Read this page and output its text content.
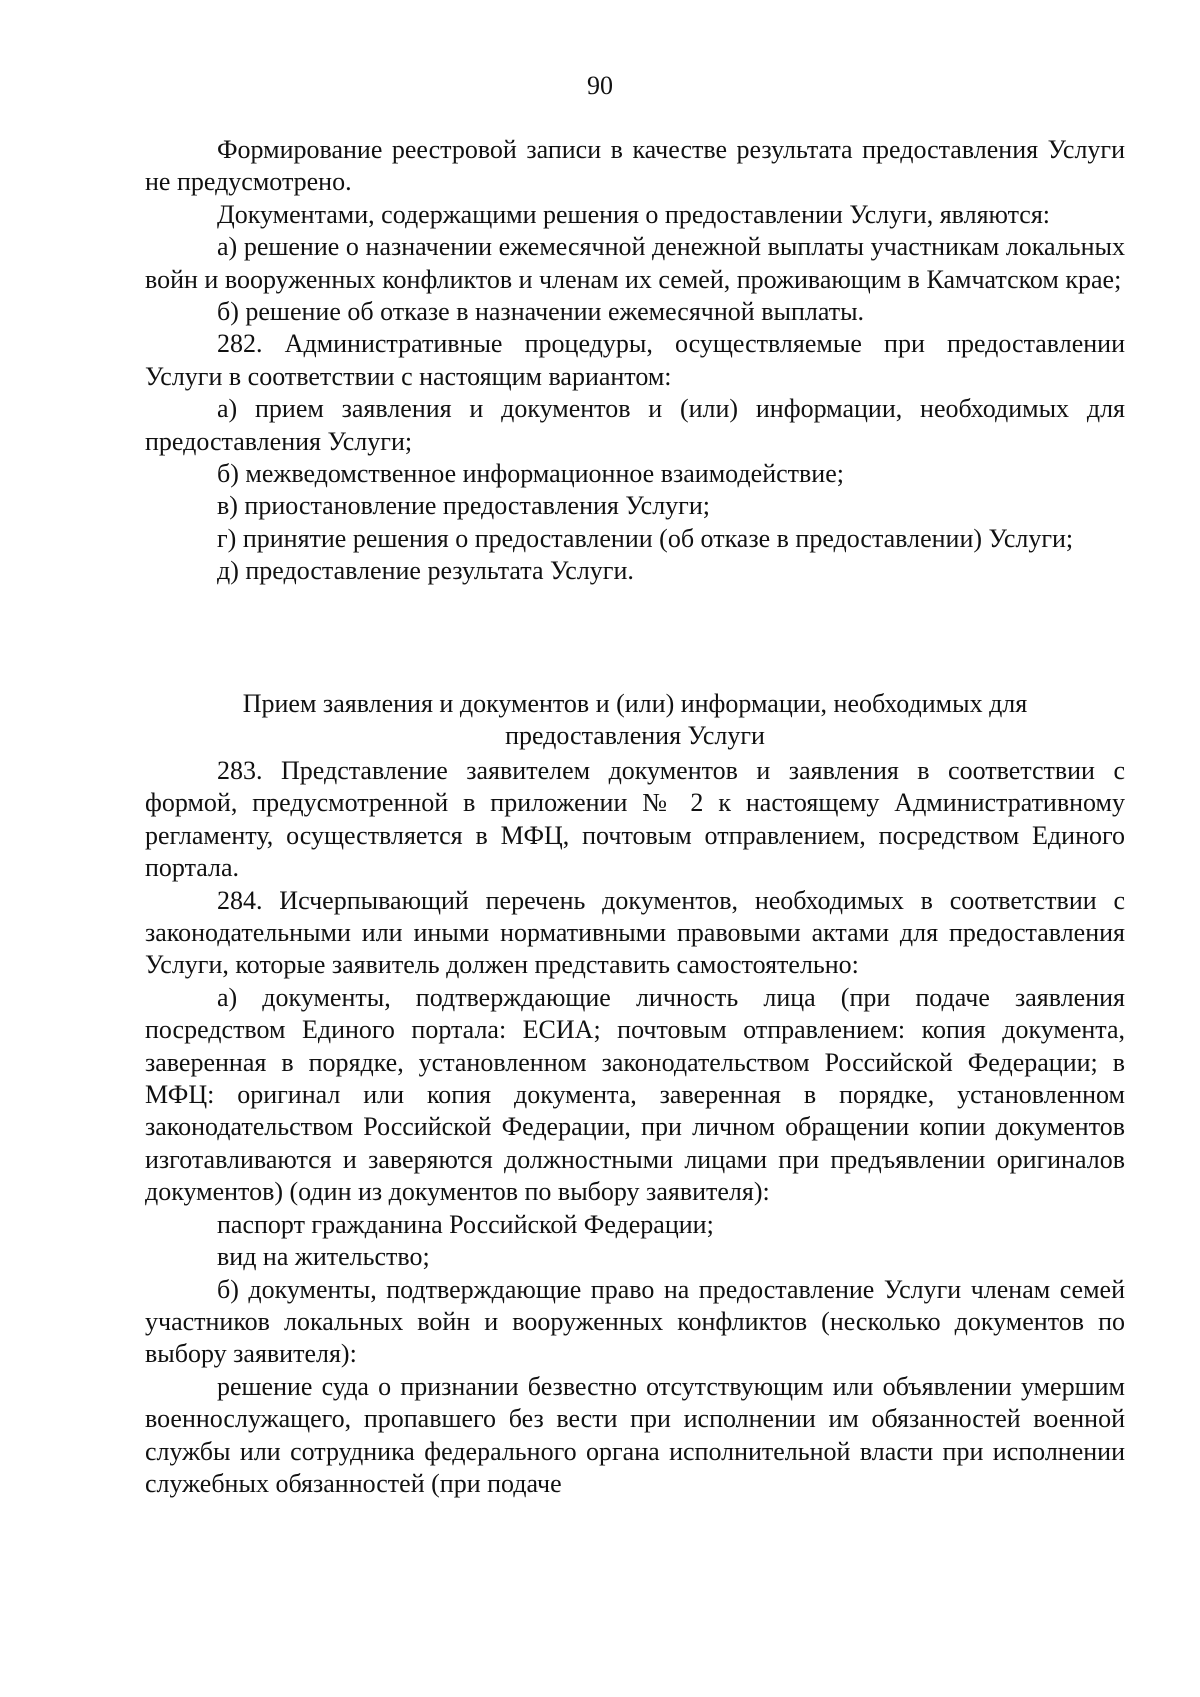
90

Формирование реестровой записи в качестве результата предоставления Услуги не предусмотрено.

Документами, содержащими решения о предоставлении Услуги, являются:

а) решение о назначении ежемесячной денежной выплаты участникам локальных войн и вооруженных конфликтов и членам их семей, проживающим в Камчатском крае;

б) решение об отказе в назначении ежемесячной выплаты.

282. Административные процедуры, осуществляемые при предоставлении Услуги в соответствии с настоящим вариантом:

а) прием заявления и документов и (или) информации, необходимых для предоставления Услуги;

б) межведомственное информационное взаимодействие;

в) приостановление предоставления Услуги;

г) принятие решения о предоставлении (об отказе в предоставлении) Услуги;

д) предоставление результата Услуги.

Прием заявления и документов и (или) информации, необходимых для
предоставления Услуги

283. Представление заявителем документов и заявления в соответствии с формой, предусмотренной в приложении № 2 к настоящему Административному регламенту, осуществляется в МФЦ, почтовым отправлением, посредством Единого портала.

284. Исчерпывающий перечень документов, необходимых в соответствии с законодательными или иными нормативными правовыми актами для предоставления Услуги, которые заявитель должен представить самостоятельно:

а) документы, подтверждающие личность лица (при подаче заявления посредством Единого портала: ЕСИА; почтовым отправлением: копия документа, заверенная в порядке, установленном законодательством Российской Федерации; в МФЦ: оригинал или копия документа, заверенная в порядке, установленном законодательством Российской Федерации, при личном обращении копии документов изготавливаются и заверяются должностными лицами при предъявлении оригиналов документов) (один из документов по выбору заявителя):

паспорт гражданина Российской Федерации;

вид на жительство;

б) документы, подтверждающие право на предоставление Услуги членам семей участников локальных войн и вооруженных конфликтов (несколько документов по выбору заявителя):

решение суда о признании безвестно отсутствующим или объявлении умершим военнослужащего, пропавшего без вести при исполнении им обязанностей военной службы или сотрудника федерального органа исполнительной власти при исполнении служебных обязанностей (при подаче
